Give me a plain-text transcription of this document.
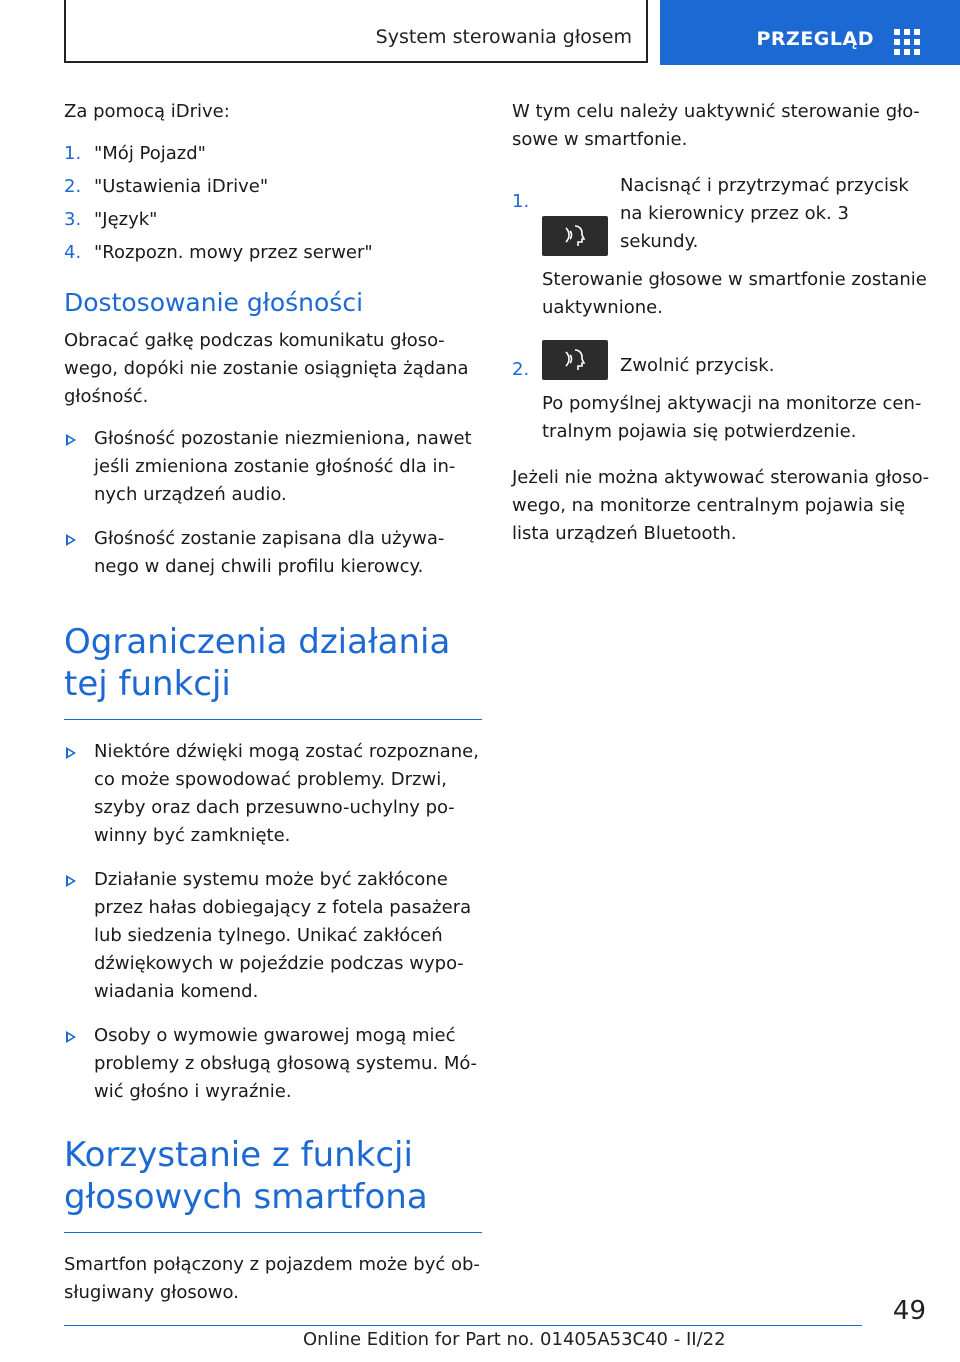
System sterowania głosem	PRZEGLĄD

Za pomocą iDrive:

1. "Mój Pojazd"
2. "Ustawienia iDrive"
3. "Język"
4. "Rozpozn. mowy przez serwer"
Dostosowanie głośności

Obracać gałkę podczas komunikatu głosowego, dopóki nie zostanie osiągnięta żądana głośność.

Głośność pozostanie niezmieniona, nawet jeśli zmieniona zostanie głośność dla innych urządzeń audio.
Głośność zostanie zapisana dla używanego w danej chwili profilu kierowcy.
Ograniczenia działania tej funkcji
Niektóre dźwięki mogą zostać rozpoznane, co może spowodować problemy. Drzwi, szyby oraz dach przesuwno-uchylny powinny być zamknięte.
Działanie systemu może być zakłócone przez hałas dobiegający z fotela pasażera lub siedzenia tylnego. Unikać zakłóceń dźwiękowych w pojeździe podczas wypowiadania komend.
Osoby o wymowie gwarowej mogą mieć problemy z obsługą głosową systemu. Mówić głośno i wyraźnie.
Korzystanie z funkcji głosowych smartfona

Smartfon połączony z pojazdem może być obsługiwany głosowo.

W tym celu należy uaktywnić sterowanie głosowe w smartfonie.

1.
Nacisnąć i przytrzymać przycisk na kierownicy przez ok. 3 sekundy.

Sterowanie głosowe w smartfonie zostanie uaktywnione.

2.	Zwolnić przycisk.

Po pomyślnej aktywacji na monitorze centralnym pojawia się potwierdzenie.

Jeżeli nie można aktywować sterowania głosowego, na monitorze centralnym pojawia się lista urządzeń Bluetooth.

49
Online Edition for Part no. 01405A53C40 - II/22
